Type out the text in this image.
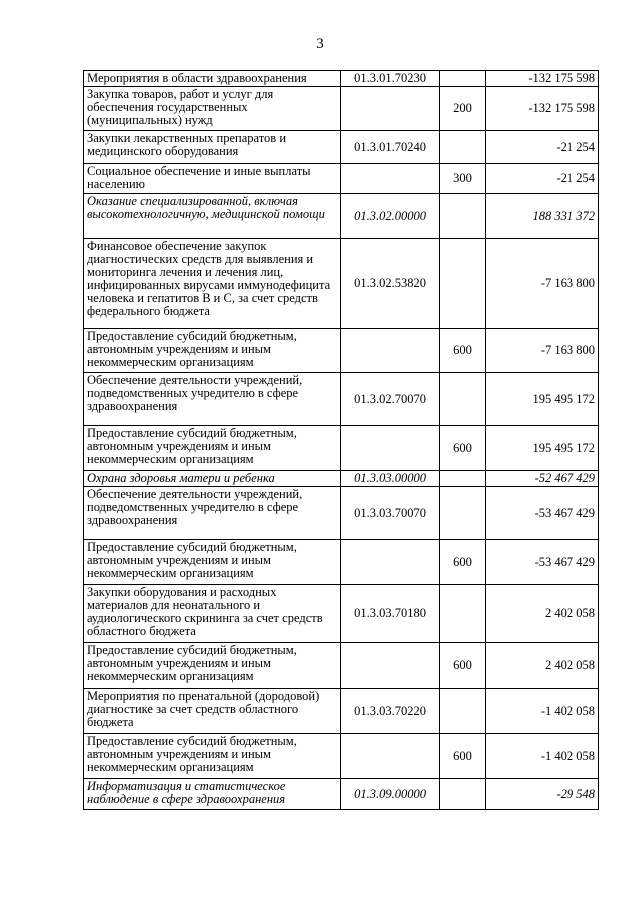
3
Мероприятия в области здравоохранения	01.3.01.70230		-132 175 598
Закупка товаров, работ и услуг для обеспечения государственных (муниципальных) нужд		200	-132 175 598
Закупки лекарственных препаратов и медицинского оборудования	01.3.01.70240		-21 254
Социальное обеспечение и иные выплаты населению		300	-21 254
Оказание специализированной, включая высокотехнологичную, медицинской помощи	01.3.02.00000		188 331 372
Финансовое обеспечение закупок диагностических средств для выявления и мониторинга лечения и лечения лиц, инфицированных вирусами иммунодефицита человека и гепатитов B и C, за счет средств федерального бюджета	01.3.02.53820		-7 163 800
Предоставление субсидий бюджетным, автономным учреждениям и иным некоммерческим организациям		600	-7 163 800
Обеспечение деятельности учреждений, подведомственных учредителю в сфере здравоохранения	01.3.02.70070		195 495 172
Предоставление субсидий бюджетным, автономным учреждениям и иным некоммерческим организациям		600	195 495 172
Охрана здоровья матери и ребенка	01.3.03.00000		-52 467 429
Обеспечение деятельности учреждений, подведомственных учредителю в сфере здравоохранения	01.3.03.70070		-53 467 429
Предоставление субсидий бюджетным, автономным учреждениям и иным некоммерческим организациям		600	-53 467 429
Закупки оборудования и расходных материалов для неонатального и аудиологического скрининга за счет средств областного бюджета	01.3.03.70180		2 402 058
Предоставление субсидий бюджетным, автономным учреждениям и иным некоммерческим организациям		600	2 402 058
Мероприятия по пренатальной (дородовой) диагностике за счет средств областного бюджета	01.3.03.70220		-1 402 058
Предоставление субсидий бюджетным, автономным учреждениям и иным некоммерческим организациям		600	-1 402 058
Информатизация и статистическое наблюдение в сфере здравоохранения	01.3.09.00000		-29 548
